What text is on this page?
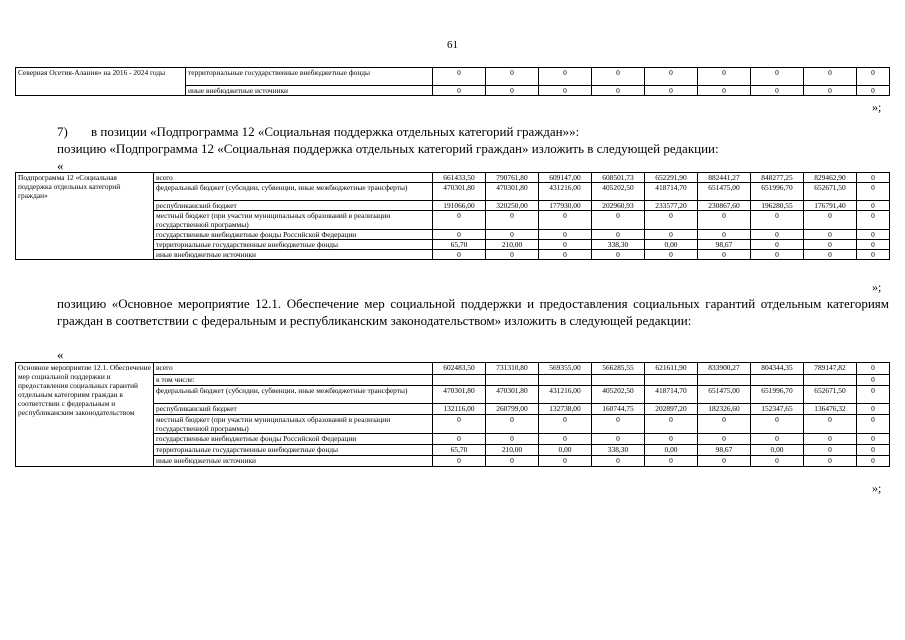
61
Северная Осетия-Алания» на 2016 - 2024 годы	территориальные государственные внебюджетные фонды	0	0	0	0	0	0	0	0	0
	иные внебюджетные источники	0	0	0	0	0	0	0	0	0
»;
7) в позиции «Подпрограмма 12 «Социальная поддержка отдельных категорий граждан»»:
позицию «Подпрограмма 12 «Социальная поддержка отдельных категорий граждан» изложить в следующей редакции:
«
Подпрограмма 12 «Социальная поддержка отдельных категорий граждан»	всего	661433,50	790761,80	609147,00	608501,73	652291,90	882441,27	848277,25	829462,90	0
	федеральный бюджет (субсидии, субвенции, иные межбюджетные трансферты)	470301,80	470301,80	431216,00	405202,50	418714,70	651475,00	651996,70	652671,50	0
	республиканский бюджет	191066,00	320250,00	177930,00	202960,93	233577,20	230867,60	196280,55	176791,40	0
	местный бюджет (при участии муниципальных образований в реализации государственной программы)	0	0	0	0	0	0	0	0	0
	государственные внебюджетные фонды Российской Федерации	0	0	0	0	0	0	0	0	0
	территориальные государственные внебюджетные фонды	65,70	210,00	0	338,30	0,00	98,67	0	0	0
	иные внебюджетные источники	0	0	0	0	0	0	0	0	0
»;
позицию «Основное мероприятие 12.1. Обеспечение мер социальной поддержки и предоставления социальных гарантий отдельным категориям граждан в соответствии с федеральным и республиканским законодательством» изложить в следующей редакции:
«
Основное мероприятие 12.1. Обеспечение мер социальной поддержки и предоставления социальных гарантий отдельным категориям граждан в соответствии с федеральным и республиканским законодательством	всего	602483,50	731310,80	569355,00	566285,55	621611,90	833900,27	804344,35	789147,82	0
	в том числе:									0
	федеральный бюджет (субсидии, субвенции, иные межбюджетные трансферты)	470301,80	470301,80	431216,00	405202,50	418714,70	651475,00	651996,70	652671,50	0
	республиканский бюджет	132116,00	260799,00	132738,00	160744,75	202897,20	182326,60	152347,65	136476,32	0
	местный бюджет (при участии муниципальных образований в реализации государственной программы)	0	0	0	0	0	0	0	0	0
	государственные внебюджетные фонды Российской Федерации	0	0	0	0	0	0	0	0	0
	территориальные государственные внебюджетные фонды	65,70	210,00	0,00	338,30	0,00	98,67	0,00	0	0
	иные внебюджетные источники	0	0	0	0	0	0	0	0	0
»;
